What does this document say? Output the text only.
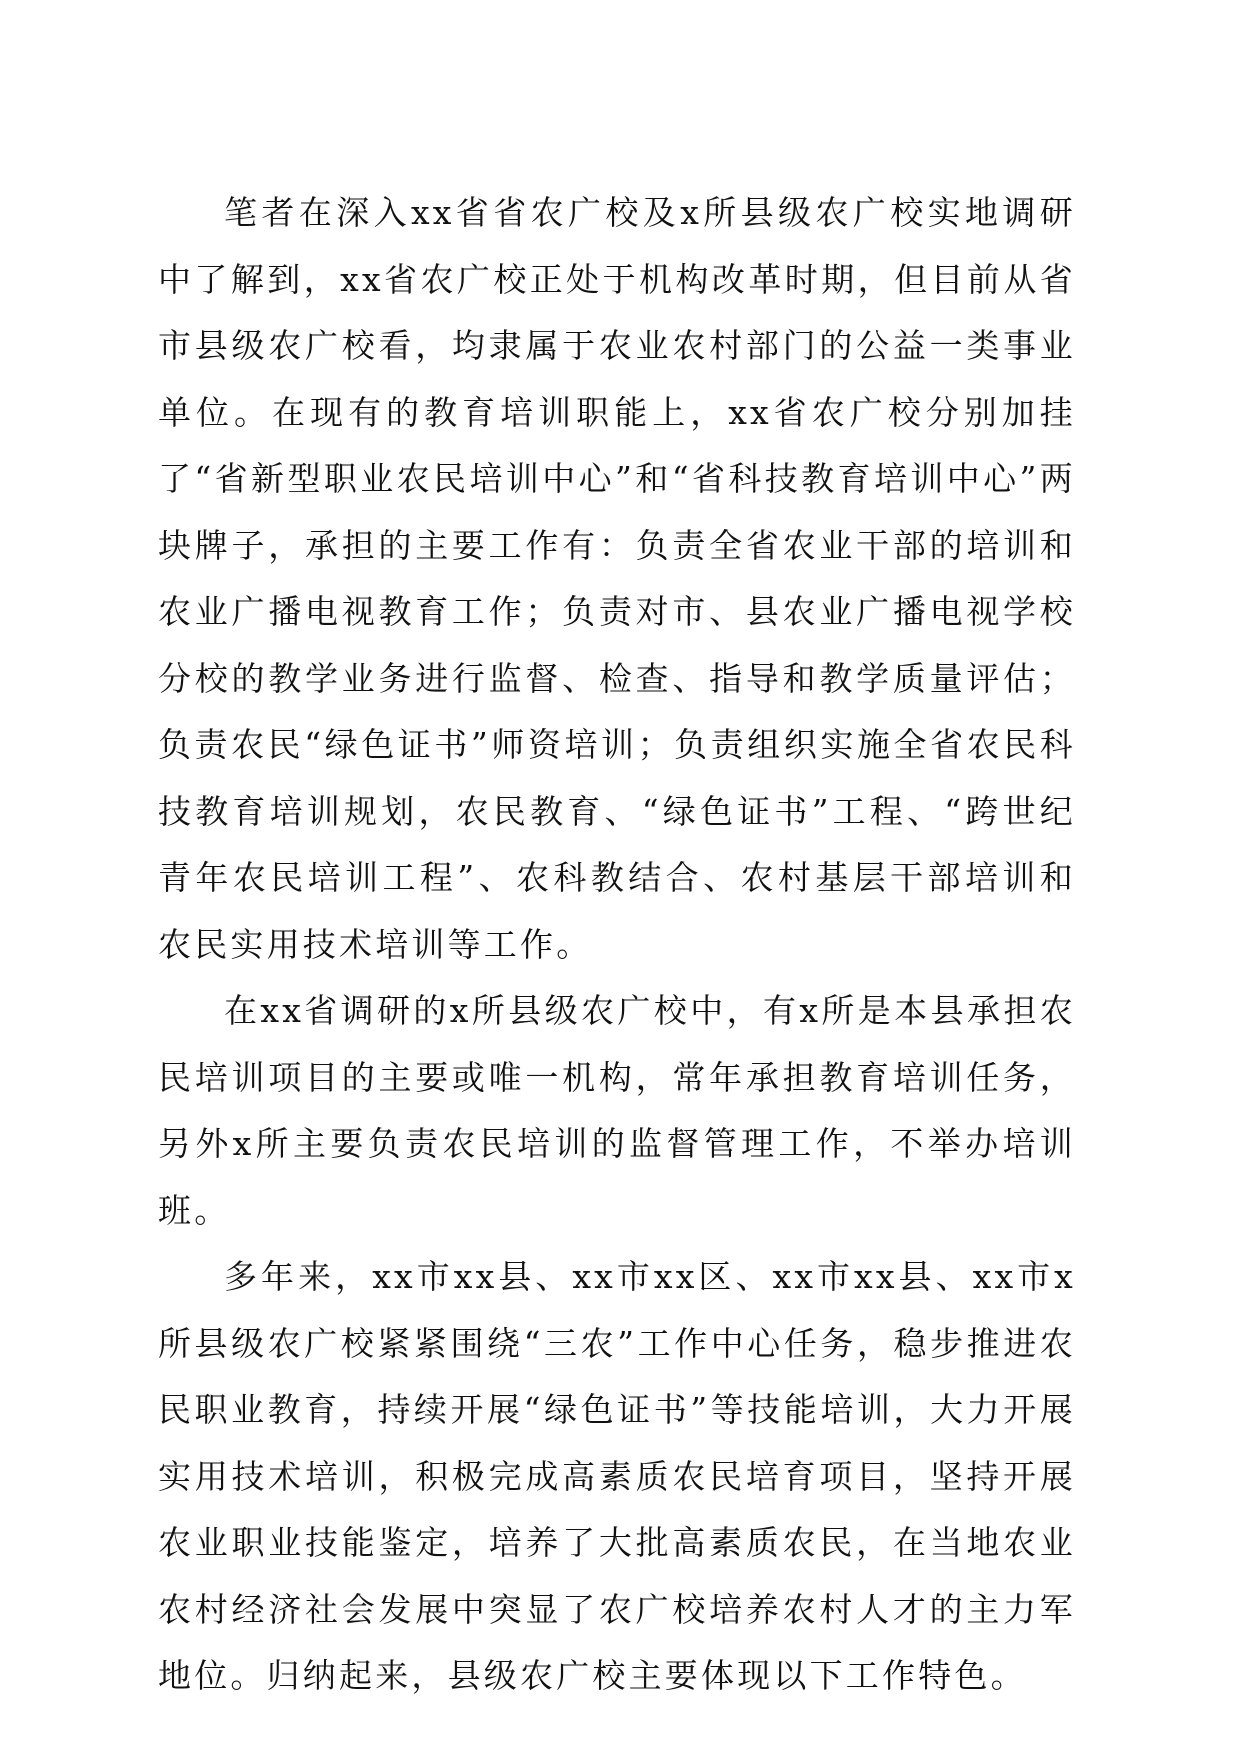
笔者在深入xx省省农广校及x所县级农广校实地调研中了解到，xx省农广校正处于机构改革时期，但目前从省市县级农广校看，均隶属于农业农村部门的公益一类事业单位。在现有的教育培训职能上，xx省农广校分别加挂了“省新型职业农民培训中心”和“省科技教育培训中心”两块牌子，承担的主要工作有：负责全省农业干部的培训和农业广播电视教育工作；负责对市、县农业广播电视学校分校的教学业务进行监督、检查、指导和教学质量评估；负责农民“绿色证书”师资培训；负责组织实施全省农民科技教育培训规划，农民教育、“绿色证书”工程、“跨世纪青年农民培训工程”、农科教结合、农村基层干部培训和农民实用技术培训等工作。

在xx省调研的x所县级农广校中，有x所是本县承担农民培训项目的主要或唯一机构，常年承担教育培训任务，另外x所主要负责农民培训的监督管理工作，不举办培训班。

多年来，xx市xx县、xx市xx区、xx市xx县、xx市x所县级农广校紧紧围绕“三农”工作中心任务，稳步推进农民职业教育，持续开展“绿色证书”等技能培训，大力开展实用技术培训，积极完成高素质农民培育项目，坚持开展农业职业技能鉴定，培养了大批高素质农民，在当地农业农村经济社会发展中突显了农广校培养农村人才的主力军地位。归纳起来，县级农广校主要体现以下工作特色。
